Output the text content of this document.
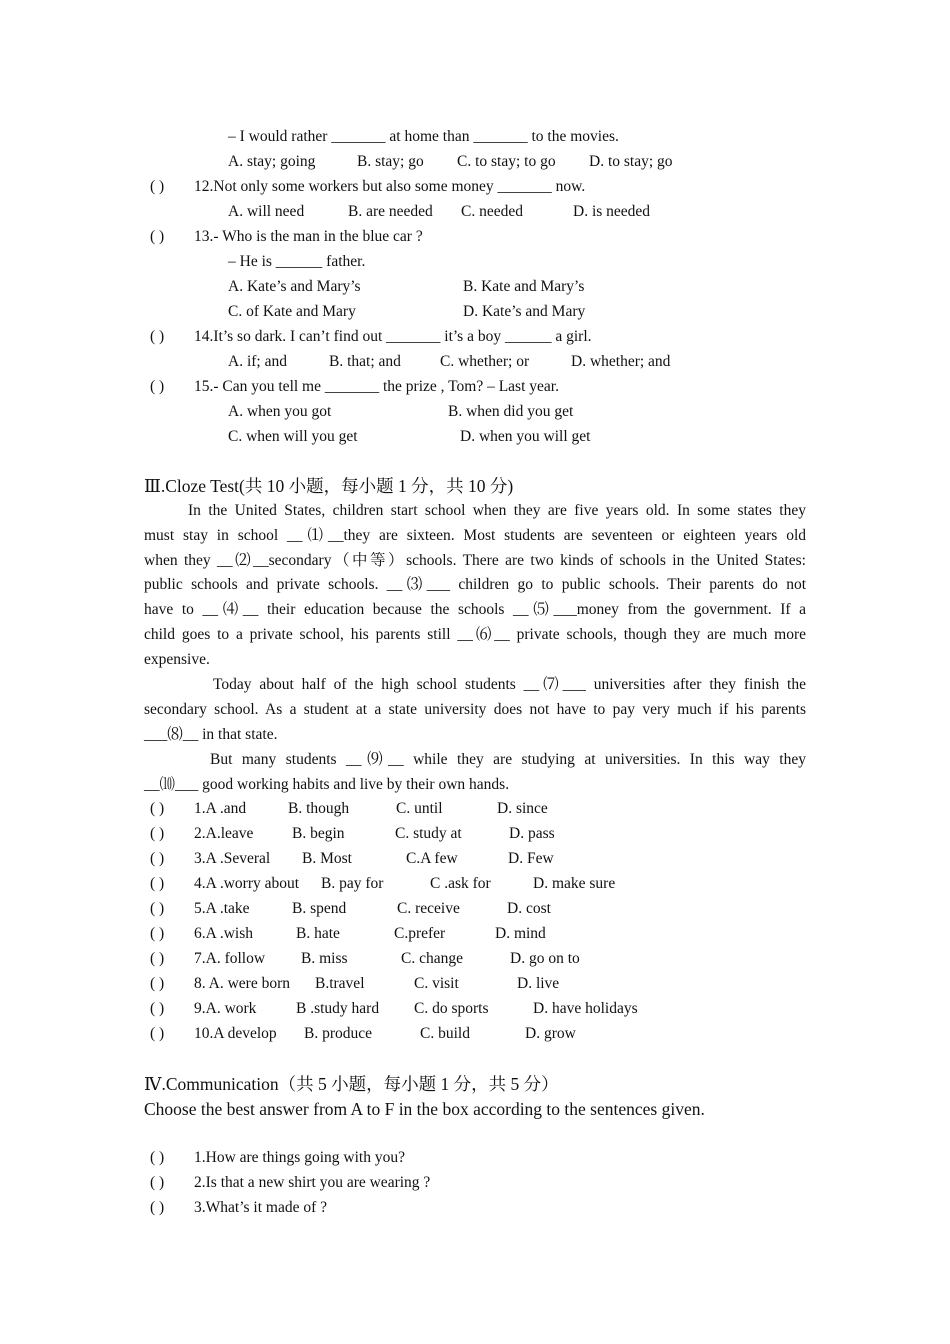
– I would rather _______ at home than _______ to the movies.
A. stay; going	B. stay; go C. to stay; to go D. to stay; go
( ) 12.Not only some workers but also some money _______ now.
A. will need	B. are needed C. needed	D. is needed
( ) 13.- Who is the man in the blue car ?
– He is ______ father.
A. Kate’s and Mary’s	B. Kate and Mary’s
C. of Kate and Mary	D. Kate’s and Mary
( ) 14.It’s so dark. I can’t find out _______ it’s a boy ______ a girl.
A. if; and	B. that; and	C. whether; or	D. whether; and
( ) 15.- Can you tell me _______ the prize , Tom? – Last year.
A. when you got	B. when did you get
C. when will you get	D. when you will get
Ⅲ.Cloze Test(共 10 小题，每小题 1 分，共 10 分)
In the United States, children start school when they are five years old. In some states they
must stay in school __⑴__they are sixteen. Most students are seventeen or eighteen years old
when they __⑵__secondary（中等）schools. There are two kinds of schools in the United States:
public schools and private schools. __⑶___ children go to public schools. Their parents do not
have to __⑷__ their education because the schools __⑸___money from the government. If a
child goes to a private school, his parents still __⑹__ private schools, though they are much more
expensive.
Today about half of the high school students __⑺___ universities after they finish the
secondary school. As a student at a state university does not have to pay very much if his parents
___⑻__ in that state.
But many students __⑼__ while they are studying at universities. In this way they
__⑽___ good working habits and live by their own hands.
( ) 1.A .and	B. though	C. until	D. since
( ) 2.A.leave B. begin	C. study at	D. pass
( ) 3.A .Several B. Most	C.A few	D. Few
( ) 4.A .worry about B. pay for	C .ask for	D. make sure
( ) 5.A .take	B. spend	C. receive	D. cost
( ) 6.A .wish	B. hate	C.prefer	D. mind
( ) 7.A. follow B. miss	C. change	D. go on to
( ) 8. A. were born B.travel	C. visit	D. live
( ) 9.A. work	B .study hard C. do sports	D. have holidays
( ) 10.A develop B. produce	C. build	D. grow
Ⅳ.Communication（共 5 小题，每小题 1 分，共 5 分）
Choose the best answer from A to F in the box according to the sentences given.
( ) 1.How are things going with you?
( ) 2.Is that a new shirt you are wearing ?
( ) 3.What’s it made of ?
